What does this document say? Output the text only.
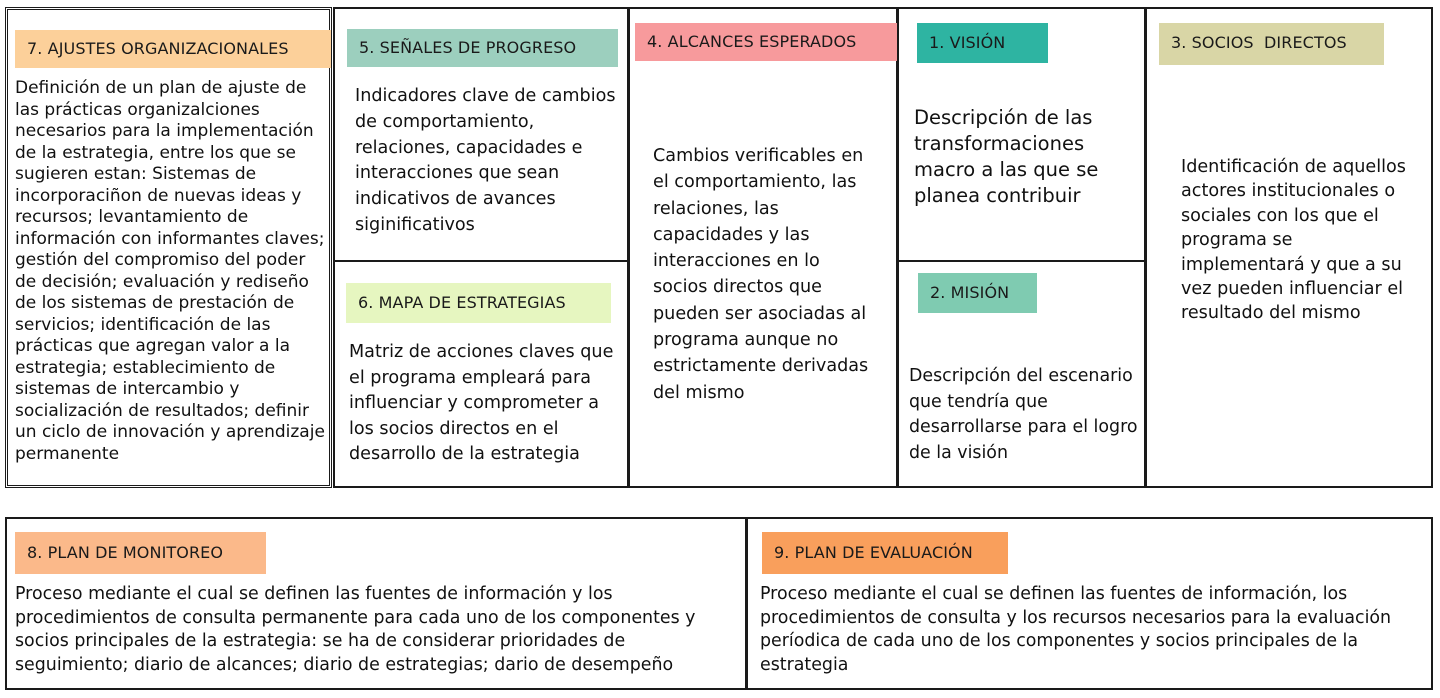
7. AJUSTES ORGANIZACIONALES
Definición de un plan de ajuste de las prácticas organizalciones necesarios para la implementación de la estrategia, entre los que se sugieren estan: Sistemas de incorporaciñon de nuevas ideas y recursos; levantamiento de información con informantes claves; gestión del compromiso del poder de decisión; evaluación y rediseño de los sistemas de prestación de servicios; identificación de las prácticas que agregan valor a la estrategia; establecimiento de sistemas de intercambio y socialización de resultados; definir un ciclo de innovación y aprendizaje permanente
5. SEÑALES DE PROGRESO
Indicadores clave de cambios de comportamiento, relaciones, capacidades e interacciones que sean indicativos de avances siginificativos
6. MAPA DE ESTRATEGIAS
Matriz de acciones claves que el programa empleará para influenciar y comprometer a los socios directos en el desarrollo de la estrategia
4. ALCANCES ESPERADOS
Cambios verificables en el comportamiento, las relaciones, las capacidades y las interacciones en lo socios directos que pueden ser asociadas al programa aunque no estrictamente derivadas del mismo
1. VISIÓN
Descripción de las transformaciones macro a las que se planea contribuir
2. MISIÓN
Descripción del escenario que tendría que desarrollarse para el logro de la visión
3. SOCIOS  DIRECTOS
Identificación de aquellos actores institucionales o sociales con los que el programa se implementará y que a su vez pueden influenciar el resultado del mismo
8. PLAN DE MONITOREO
Proceso mediante el cual se definen las fuentes de información y los procedimientos de consulta permanente para cada uno de los componentes y socios principales de la estrategia: se ha de considerar prioridades de seguimiento; diario de alcances; diario de estrategias; dario de desempeño
9. PLAN DE EVALUACIÓN
Proceso mediante el cual se definen las fuentes de información, los procedimientos de consulta y los recursos necesarios para la evaluación períodica de cada uno de los componentes y socios principales de la estrategia
